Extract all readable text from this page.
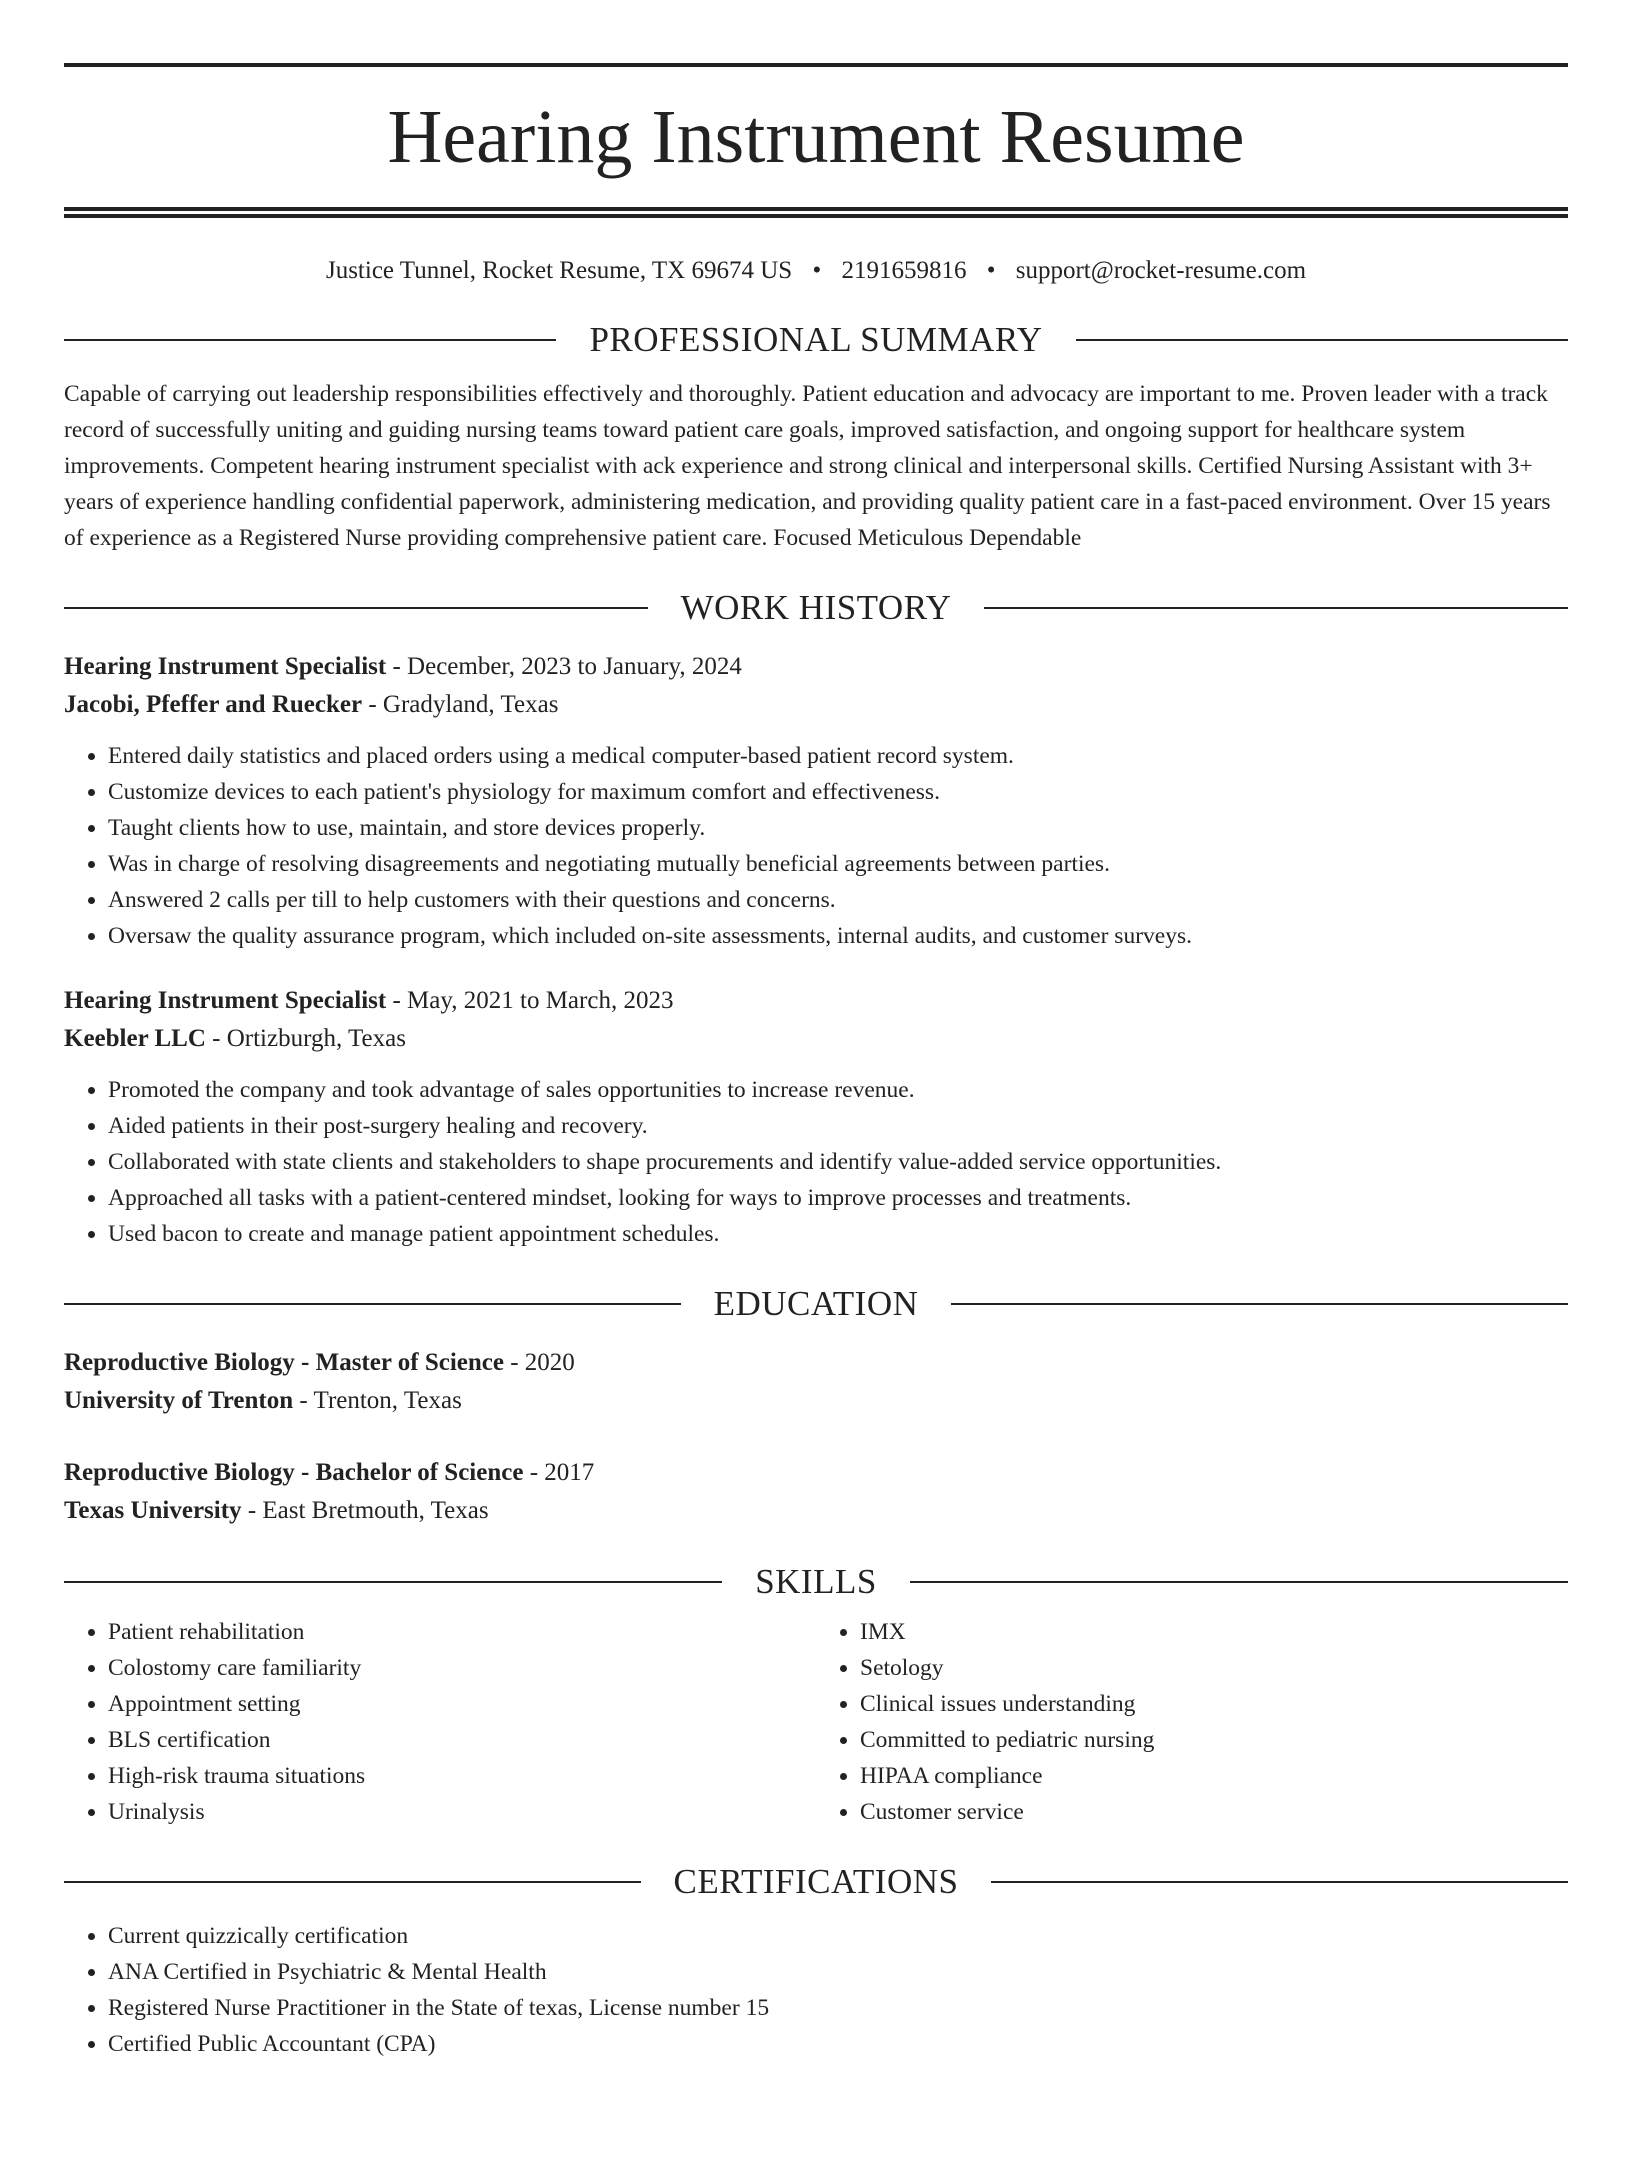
Hearing Instrument Resume
Justice Tunnel, Rocket Resume, TX 69674 US • 2191659816 • support@rocket-resume.com
PROFESSIONAL SUMMARY
Capable of carrying out leadership responsibilities effectively and thoroughly. Patient education and advocacy are important to me. Proven leader with a track record of successfully uniting and guiding nursing teams toward patient care goals, improved satisfaction, and ongoing support for healthcare system improvements. Competent hearing instrument specialist with ack experience and strong clinical and interpersonal skills. Certified Nursing Assistant with 3+ years of experience handling confidential paperwork, administering medication, and providing quality patient care in a fast-paced environment. Over 15 years of experience as a Registered Nurse providing comprehensive patient care. Focused Meticulous Dependable
WORK HISTORY
Hearing Instrument Specialist - December, 2023 to January, 2024
Jacobi, Pfeffer and Ruecker - Gradyland, Texas
• Entered daily statistics and placed orders using a medical computer-based patient record system.
• Customize devices to each patient's physiology for maximum comfort and effectiveness.
• Taught clients how to use, maintain, and store devices properly.
• Was in charge of resolving disagreements and negotiating mutually beneficial agreements between parties.
• Answered 2 calls per till to help customers with their questions and concerns.
• Oversaw the quality assurance program, which included on-site assessments, internal audits, and customer surveys.
Hearing Instrument Specialist - May, 2021 to March, 2023
Keebler LLC - Ortizburgh, Texas
• Promoted the company and took advantage of sales opportunities to increase revenue.
• Aided patients in their post-surgery healing and recovery.
• Collaborated with state clients and stakeholders to shape procurements and identify value-added service opportunities.
• Approached all tasks with a patient-centered mindset, looking for ways to improve processes and treatments.
• Used bacon to create and manage patient appointment schedules.
EDUCATION
Reproductive Biology - Master of Science - 2020
University of Trenton - Trenton, Texas
Reproductive Biology - Bachelor of Science - 2017
Texas University - East Bretmouth, Texas
SKILLS
• Patient rehabilitation
• Colostomy care familiarity
• Appointment setting
• BLS certification
• High-risk trauma situations
• Urinalysis
• IMX
• Setology
• Clinical issues understanding
• Committed to pediatric nursing
• HIPAA compliance
• Customer service
CERTIFICATIONS
• Current quizzically certification
• ANA Certified in Psychiatric & Mental Health
• Registered Nurse Practitioner in the State of texas, License number 15
• Certified Public Accountant (CPA)
